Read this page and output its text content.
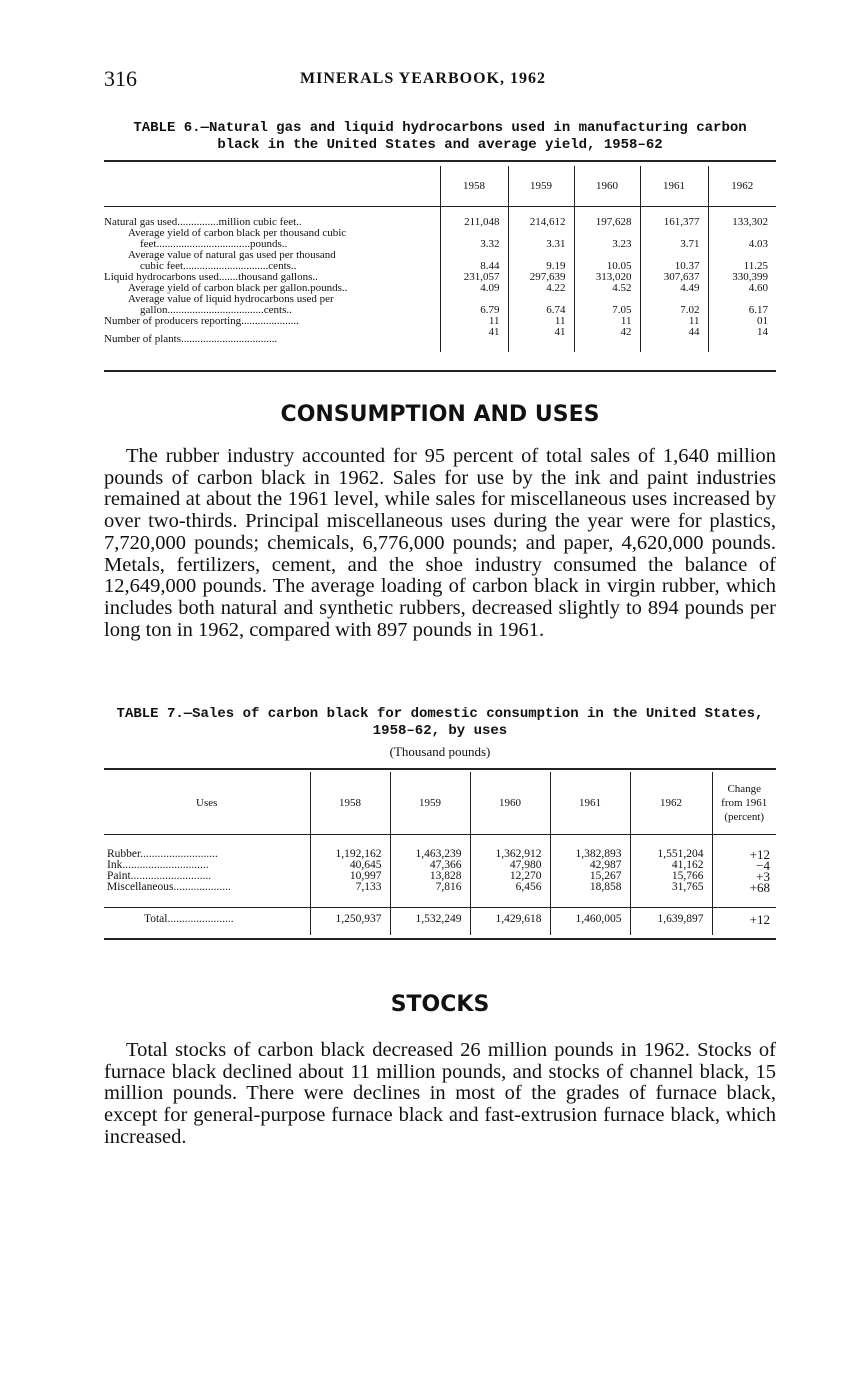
316	MINERALS YEARBOOK, 1962
TABLE 6.—Natural gas and liquid hydrocarbons used in manufacturing carbon
black in the United States and average yield, 1958–62
	1958	1959	1960	1961	1962
Natural gas used...............million cubic feet..	211,048	214,612	197,628	161,377	133,302
Average yield of carbon black per thousand cubic					
feet..................................pounds..	3.32	3.31	3.23	3.71	4.03
Average value of natural gas used per thousand					
cubic feet...............................cents..	8.44	9.19	10.05	10.37	11.25
Liquid hydrocarbons used.......thousand gallons..	231,057	297,639	313,020	307,637	330,399
Average yield of carbon black per gallon.pounds..	4.09	4.22	4.52	4.49	4.60
Average value of liquid hydrocarbons used per					
gallon...................................cents..	6.79	6.74	7.05	7.02	6.17
Number of producers reporting.....................	11	11	11	11	01
Number of plants...................................	41	41	42	44	14
CONSUMPTION AND USES

The rubber industry accounted for 95 percent of total sales of 1,640 million pounds of carbon black in 1962. Sales for use by the ink and paint industries remained at about the 1961 level, while sales for miscellaneous uses increased by over two-thirds. Principal miscellaneous uses during the year were for plastics, 7,720,000 pounds; chemicals, 6,776,000 pounds; and paper, 4,620,000 pounds. Metals, fertilizers, cement, and the shoe industry consumed the balance of 12,649,000 pounds. The average loading of carbon black in virgin rubber, which includes both natural and synthetic rubbers, decreased slightly to 894 pounds per long ton in 1962, compared with 897 pounds in 1961.

TABLE 7.—Sales of carbon black for domestic consumption in the United States,
1958–62, by uses
(Thousand pounds)
Uses	1958	1959	1960	1961	1962	Change
from 1961
(percent)

Rubber...........................	1,192,162	1,463,239	1,362,912	1,382,893	1,551,204	+12
Ink..............................	40,645	47,366	47,980	42,987	41,162	−4
Paint............................	10,997	13,828	12,270	15,267	15,766	+3
Miscellaneous....................	7,133	7,816	6,456	18,858	31,765	+68
Total.......................	1,250,937	1,532,249	1,429,618	1,460,005	1,639,897	+12
STOCKS

Total stocks of carbon black decreased 26 million pounds in 1962. Stocks of furnace black declined about 11 million pounds, and stocks of channel black, 15 million pounds. There were declines in most of the grades of furnace black, except for general-purpose furnace black and fast-extrusion furnace black, which increased.
